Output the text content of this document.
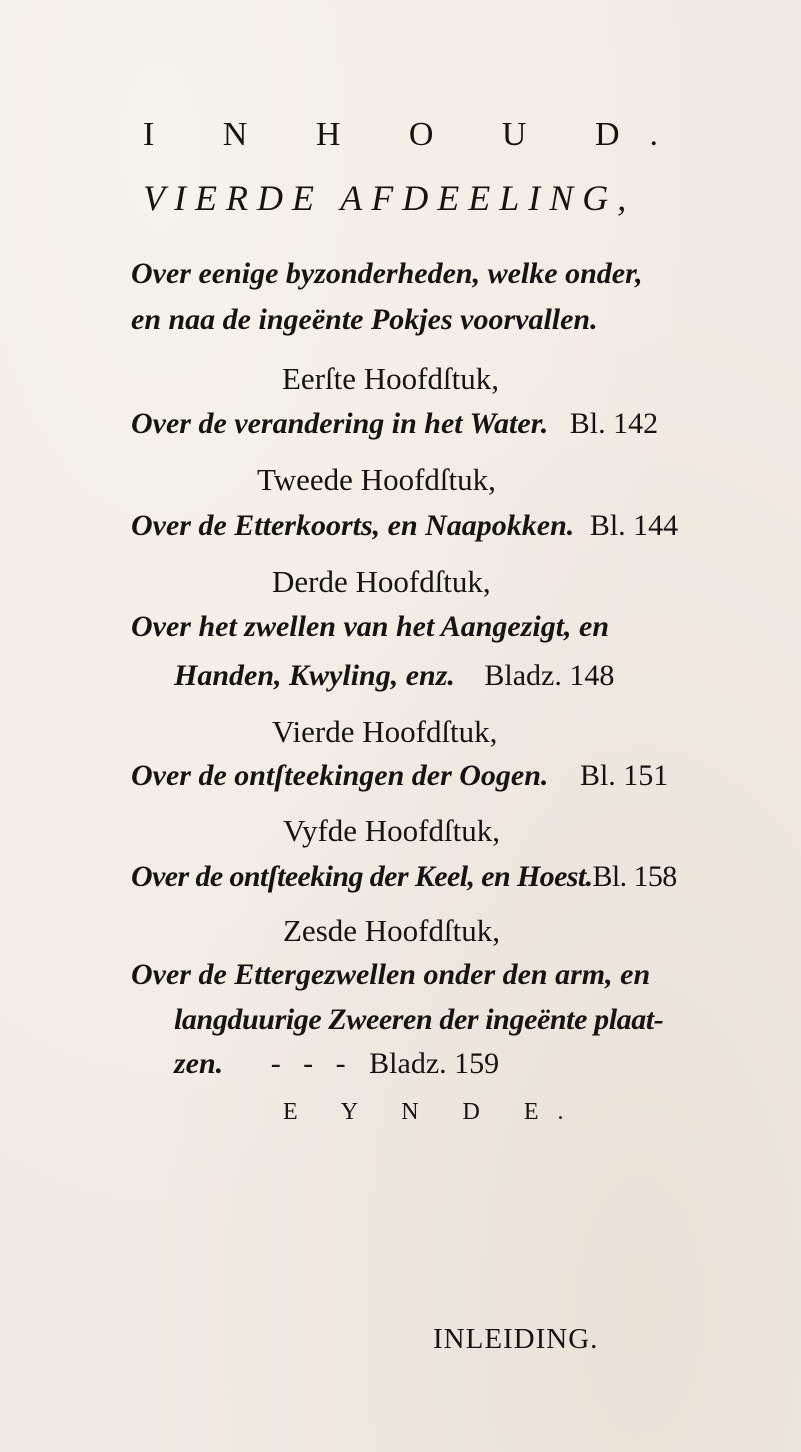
I N H O U D.
VIERDE AFDEELING,
Over eenige byzonderheden, welke onder,
en naa de ingeënte Pokjes voorvallen.
Eerſte Hoofdſtuk,
Over de verandering in het Water. Bl. 142
Tweede Hoofdſtuk,
Over de Etterkoorts, en Naapokken. Bl. 144
Derde Hoofdſtuk,
Over het zwellen van het Aangezigt, en
Handen, Kwyling, enz. Bladz. 148
Vierde Hoofdſtuk,
Over de ontſteekingen der Oogen. Bl. 151
Vyfde Hoofdſtuk,
Over de ontſteeking der Keel, en Hoest.Bl. 158
Zesde Hoofdſtuk,
Over de Ettergezwellen onder den arm, en
langduurige Zweeren der ingeënte plaat-
zen. -   -   - Bladz. 159
E Y N D E.
INLEIDING.
